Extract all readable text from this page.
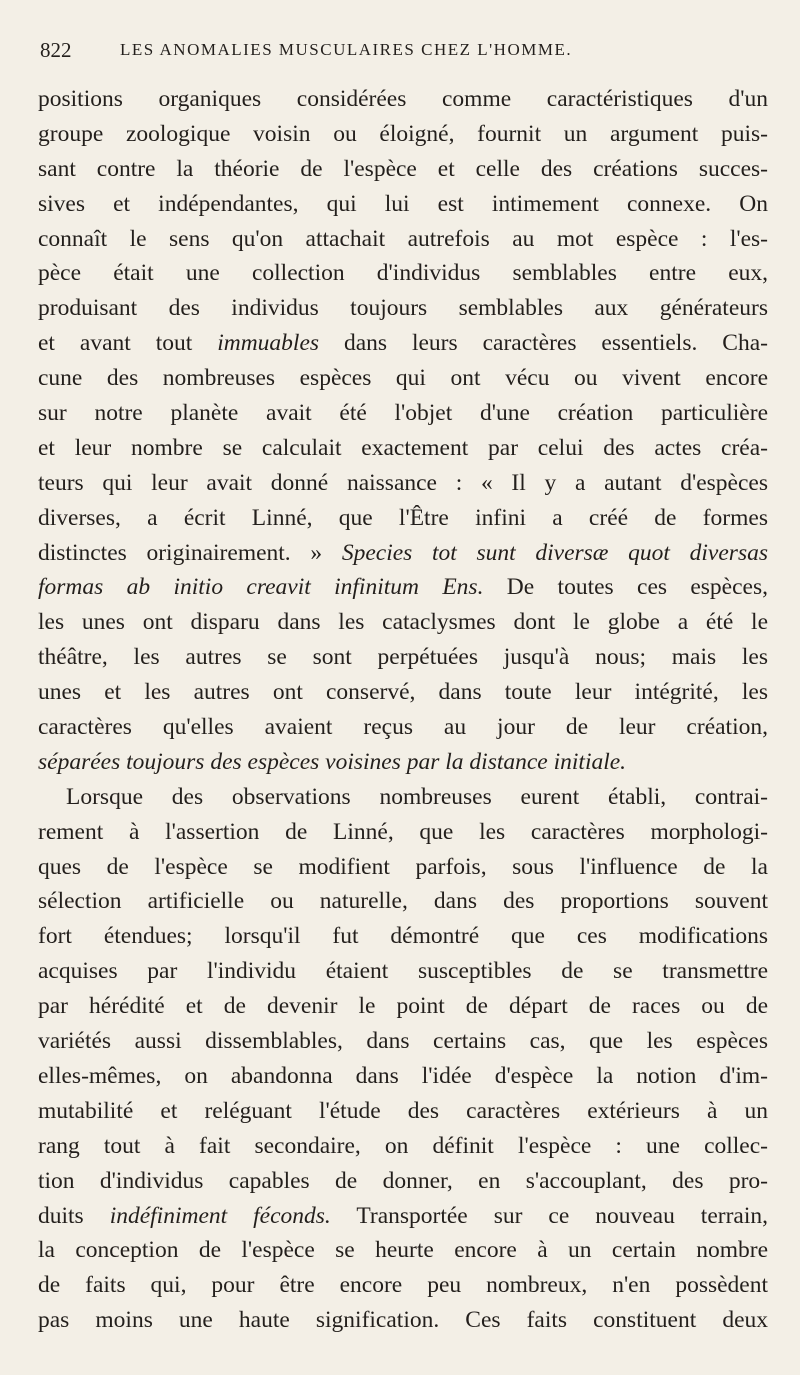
822	LES ANOMALIES MUSCULAIRES CHEZ L'HOMME.
positions organiques considérées comme caractéristiques d'un
groupe zoologique voisin ou éloigné, fournit un argument puis-
sant contre la théorie de l'espèce et celle des créations succes-
sives et indépendantes, qui lui est intimement connexe. On
connaît le sens qu'on attachait autrefois au mot espèce : l'es-
pèce était une collection d'individus semblables entre eux,
produisant des individus toujours semblables aux générateurs
et avant tout immuables dans leurs caractères essentiels. Cha-
cune des nombreuses espèces qui ont vécu ou vivent encore
sur notre planète avait été l'objet d'une création particulière
et leur nombre se calculait exactement par celui des actes créa-
teurs qui leur avait donné naissance : « Il y a autant d'espèces
diverses, a écrit Linné, que l'Être infini a créé de formes
distinctes originairement. » Species tot sunt diversæ quot diversas
formas ab initio creavit infinitum Ens. De toutes ces espèces,
les unes ont disparu dans les cataclysmes dont le globe a été le
théâtre, les autres se sont perpétuées jusqu'à nous; mais les
unes et les autres ont conservé, dans toute leur intégrité, les
caractères qu'elles avaient reçus au jour de leur création,
séparées toujours des espèces voisines par la distance initiale.
Lorsque des observations nombreuses eurent établi, contrai-
rement à l'assertion de Linné, que les caractères morphologi-
ques de l'espèce se modifient parfois, sous l'influence de la
sélection artificielle ou naturelle, dans des proportions souvent
fort étendues; lorsqu'il fut démontré que ces modifications
acquises par l'individu étaient susceptibles de se transmettre
par hérédité et de devenir le point de départ de races ou de
variétés aussi dissemblables, dans certains cas, que les espèces
elles-mêmes, on abandonna dans l'idée d'espèce la notion d'im-
mutabilité et reléguant l'étude des caractères extérieurs à un
rang tout à fait secondaire, on définit l'espèce : une collec-
tion d'individus capables de donner, en s'accouplant, des pro-
duits indéfiniment féconds. Transportée sur ce nouveau terrain,
la conception de l'espèce se heurte encore à un certain nombre
de faits qui, pour être encore peu nombreux, n'en possèdent
pas moins une haute signification. Ces faits constituent deux
